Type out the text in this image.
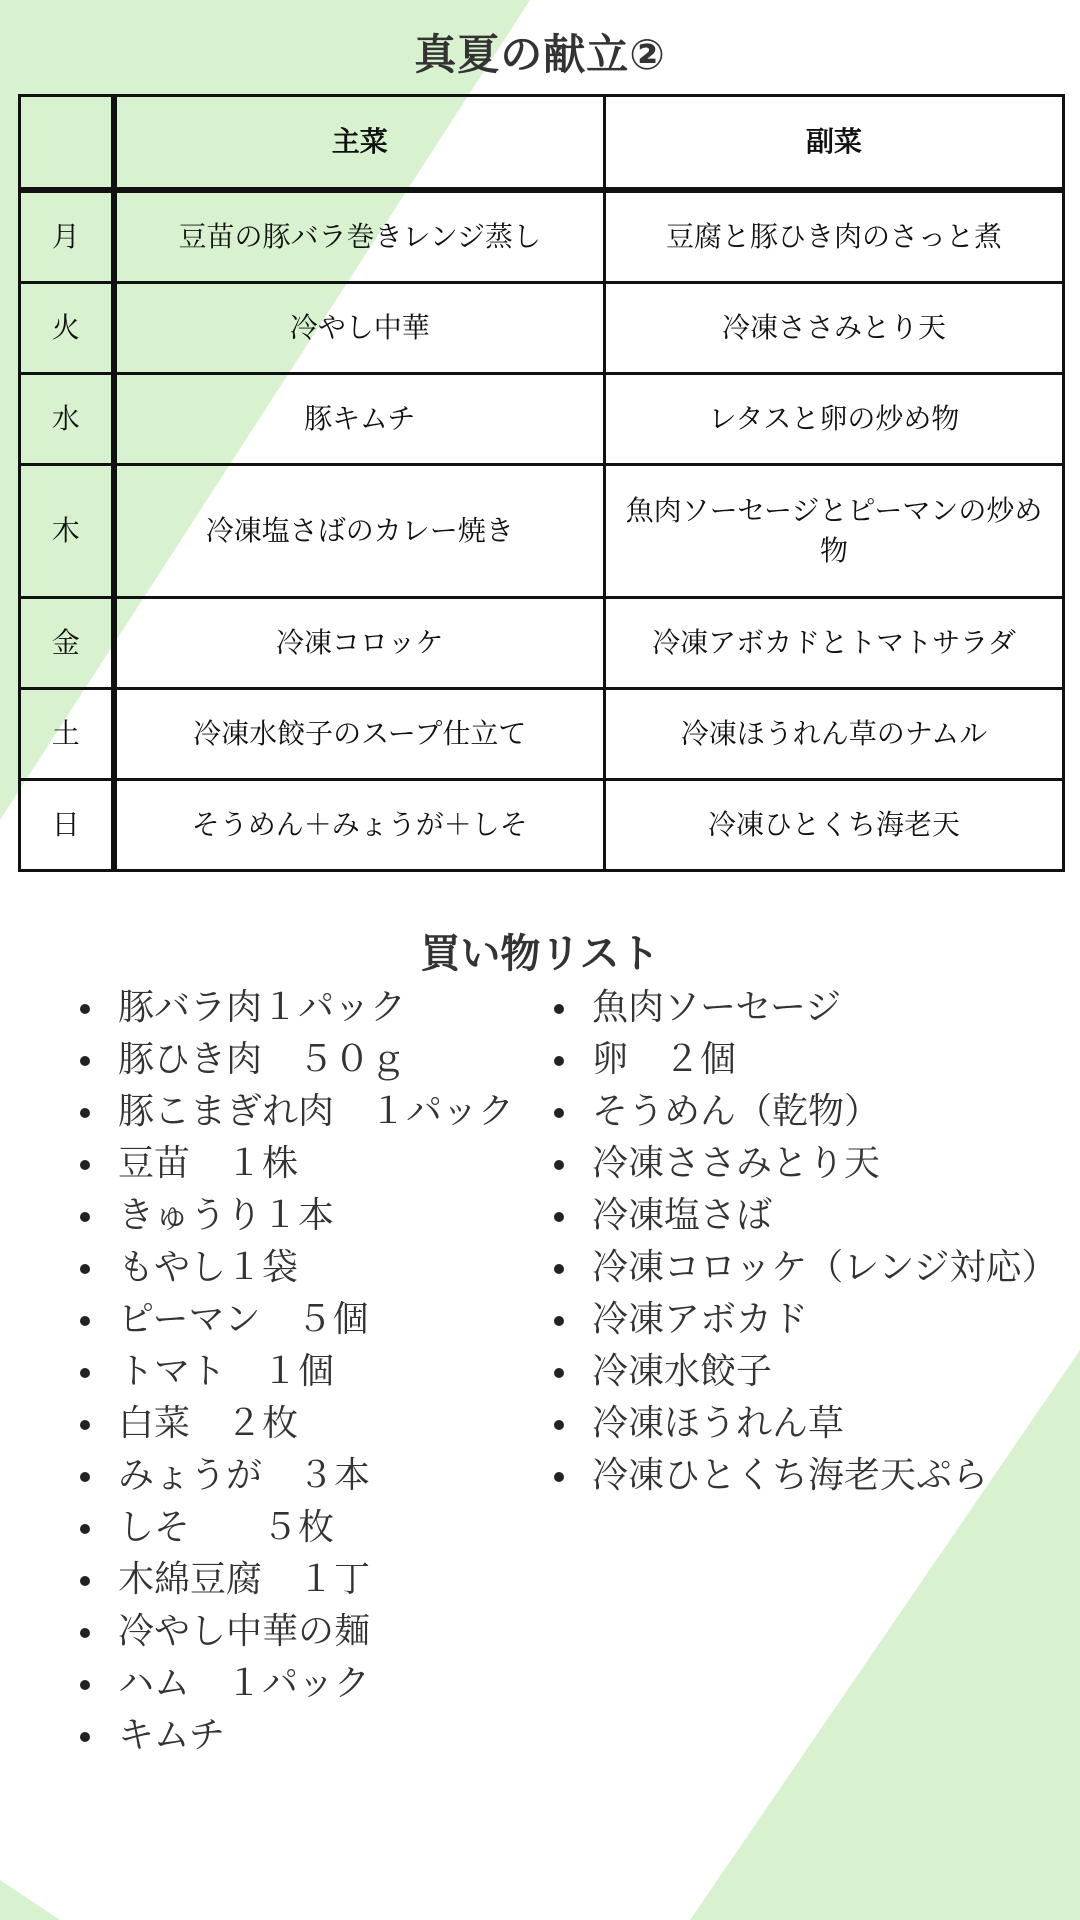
真夏の献立②
	主菜	副菜
月	豆苗の豚バラ巻きレンジ蒸し	豆腐と豚ひき肉のさっと煮
火	冷やし中華	冷凍ささみとり天
水	豚キムチ	レタスと卵の炒め物
木	冷凍塩さばのカレー焼き	魚肉ソーセージとピーマンの炒め物
金	冷凍コロッケ	冷凍アボカドとトマトサラダ
土	冷凍水餃子のスープ仕立て	冷凍ほうれん草のナムル
日	そうめん＋みょうが＋しそ	冷凍ひとくち海老天
買い物リスト
豚バラ肉１パック
豚ひき肉　５０ｇ
豚こまぎれ肉　１パック
豆苗　１株
きゅうり１本
もやし１袋
ピーマン　５個
トマト　１個
白菜　２枚
みょうが　３本
しそ　　５枚
木綿豆腐　１丁
冷やし中華の麺
ハム　１パック
キムチ
魚肉ソーセージ
卵　２個
そうめん（乾物）
冷凍ささみとり天
冷凍塩さば
冷凍コロッケ（レンジ対応）
冷凍アボカド
冷凍水餃子
冷凍ほうれん草
冷凍ひとくち海老天ぷら
